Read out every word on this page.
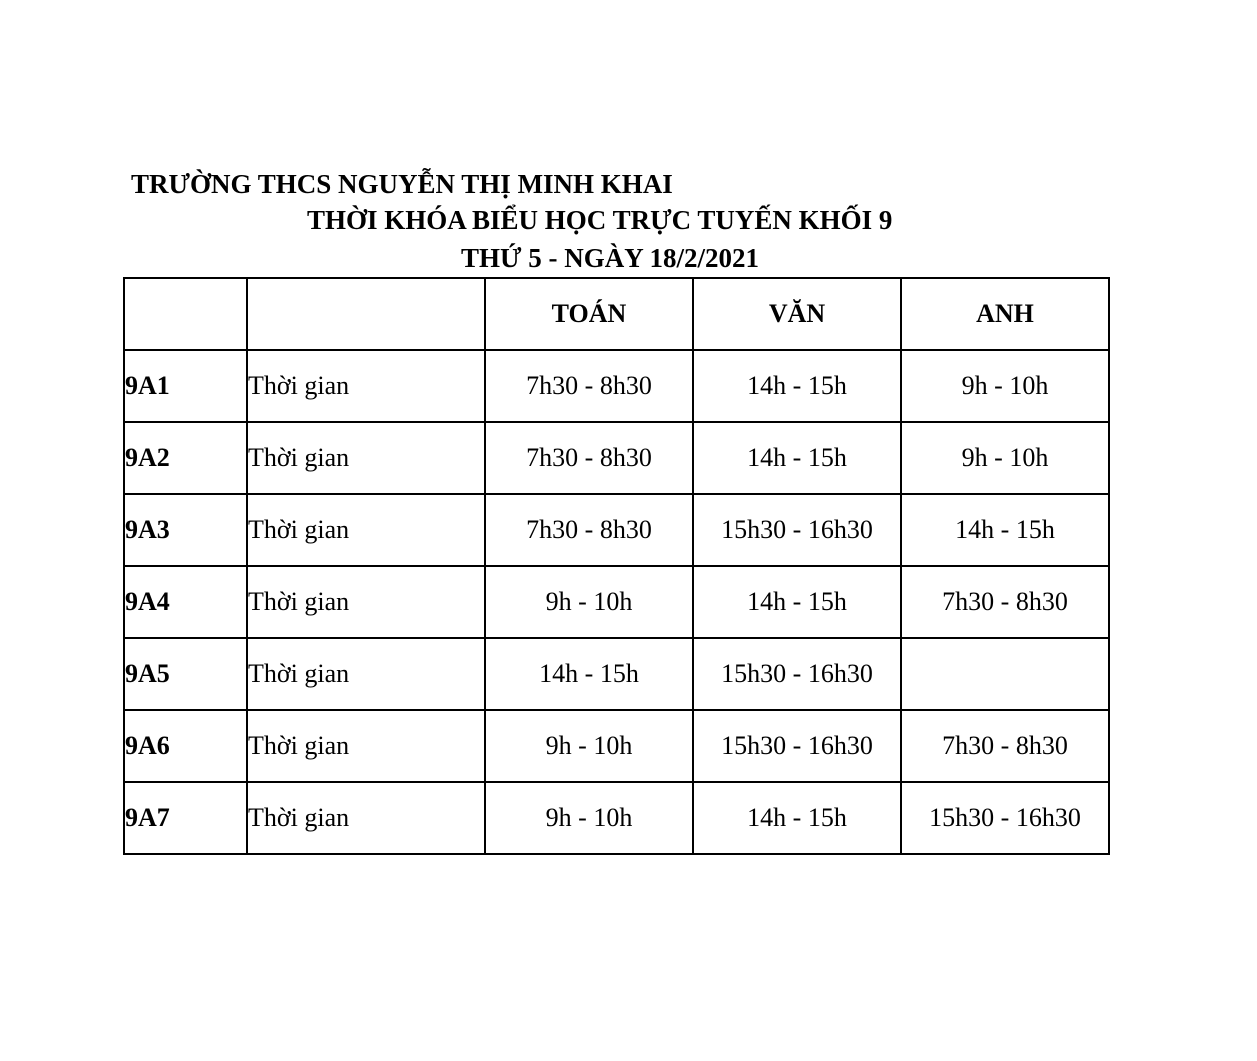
TRƯỜNG THCS NGUYỄN THỊ MINH KHAI
THỜI KHÓA BIỂU HỌC TRỰC TUYẾN KHỐI 9
THỨ 5 - NGÀY 18/2/2021
		TOÁN	VĂN	ANH
9A1	Thời gian	7h30 - 8h30	14h - 15h	9h - 10h
9A2	Thời gian	7h30 - 8h30	14h - 15h	9h - 10h
9A3	Thời gian	7h30 - 8h30	15h30 - 16h30	14h - 15h
9A4	Thời gian	9h - 10h	14h - 15h	7h30 - 8h30
9A5	Thời gian	14h - 15h	15h30 - 16h30	
9A6	Thời gian	9h - 10h	15h30 - 16h30	7h30 - 8h30
9A7	Thời gian	9h - 10h	14h - 15h	15h30 - 16h30
